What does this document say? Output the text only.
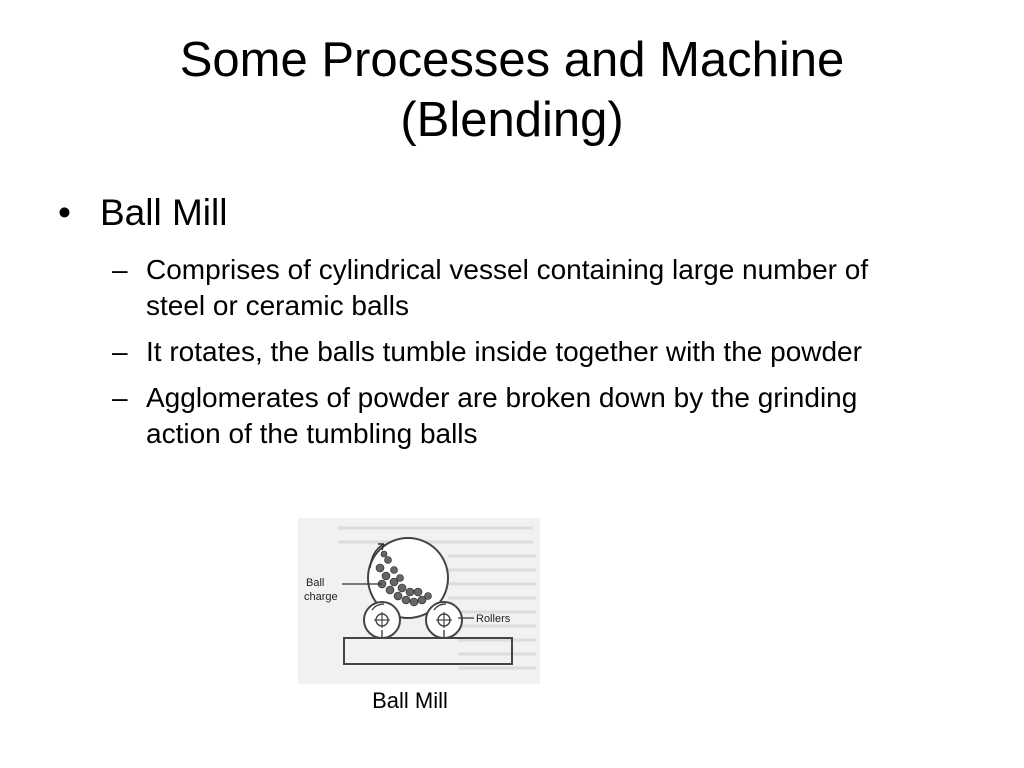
Some Processes and Machine
(Blending)
• Ball Mill
– Comprises of cylindrical vessel containing large number of steel or ceramic balls
– It rotates, the balls tumble inside together with the powder
– Agglomerates of powder are broken down by the grinding action of the tumbling balls
Ball
charge
Rollers
Ball Mill
